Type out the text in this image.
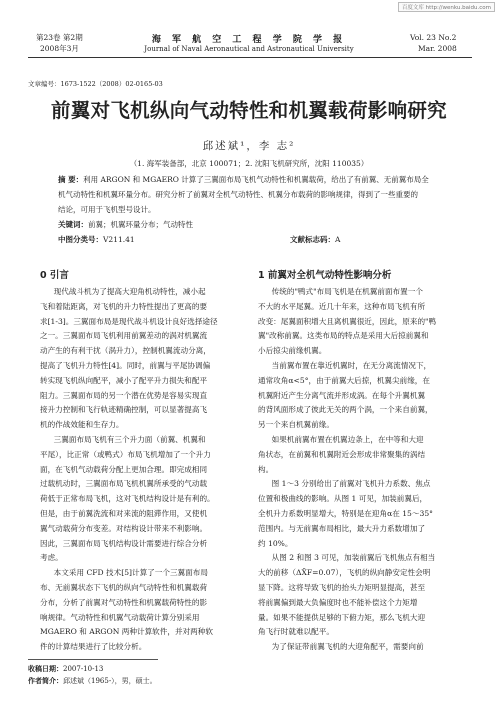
百度文库 http://wenku.baidu.com
第23卷 第2期
2008年3月
海 军 航 空 工 程 学 院 学 报
Journal of Naval Aeronautical and Astronautical University
Vol. 23 No.2
Mar. 2008
文章编号：1673-1522（2008）02-0165-03
前翼对飞机纵向气动特性和机翼载荷影响研究
邱述斌¹，李 志²
（1. 海军装备部，北京 100071；2. 沈阳飞机研究所，沈阳 110035）
摘 要：利用 ARGON 和 MGAERO 计算了三翼面布局飞机气动特性和机翼载荷，给出了有前翼、无前翼布局全
机气动特性和机翼环量分布。研究分析了前翼对全机气动特性、机翼分布载荷的影响规律，得到了一些重要的
结论，可用于飞机型号设计。
关键词：前翼；机翼环量分布；气动特性
中图分类号：V211.41	文献标志码：A
0 引言	1 前翼对全机气动特性影响分析
现代战斗机为了提高大迎角机动特性，减小起
飞和着陆距离，对飞机的升力特性提出了更高的要
求[1-3]。三翼面布局是现代战斗机设计良好选择途径
之一。三翼面布局飞机利用前翼差动的涡对机翼流
动产生的有利干扰（涡升力），控制机翼流动分离，
提高了飞机升力特性[4]。同时，前翼与平尾协调偏
转实现飞机纵向配平，减小了配平升力损失和配平
阻力。三翼面布局的另一个潜在优势是容易实现直
接升力控制和飞行轨迹精确控制，可以显著提高飞
机的作战效能和生存力。
三翼面布局飞机有三个升力面（前翼、机翼和
平尾），比正常（或鸭式）布局飞机增加了一个升力
面，在飞机气动载荷分配上更加合理。即完成相同
过载机动时，三翼面布局飞机机翼所承受的气动载
荷低于正常布局飞机，这对飞机结构设计是有利的。
但是，由于前翼洗流和对来流的阻滞作用，又使机
翼气动载荷分布变差。对结构设计带来不利影响。
因此，三翼面布局飞机结构设计需要进行综合分析
考虑。
本文采用 CFD 技术[5]计算了一个三翼面布局
布、无前翼状态下飞机的纵向气动特性和机翼载荷
分布，分析了前翼对气动特性和机翼载荷特性的影
响规律。气动特性和机翼气动载荷计算分别采用
MGAERO 和 ARGON 两种计算软件，并对两种软
件的计算结果进行了比较分析。
传统的"鸭式"布局飞机是在机翼前面布置一个
不大的水平尾翼。近几十年来，这种布局飞机有所
改变：尾翼面积增大且离机翼很近，因此，原来的"鸭
翼"改称前翼。这类布局的特点是采用大后掠前翼和
小后掠尖前缘机翼。
当前翼布置在靠近机翼时，在无分离流情况下，
通常攻角α<5°，由于前翼大后掠，机翼尖前缘，在
机翼附近产生分离气流并形成涡。在每个升翼机翼
的背风面形成了彼此无关的两个涡，一个来自前翼，
另一个来自机翼前缘。
如果机前翼布置在机翼边条上，在中等和大迎
角状态，在前翼和机翼附近会形成非常聚集的涡结
构。
图 1～3 分别给出了前翼对飞机升力系数、焦点
位置和极曲线的影响。从图 1 可见，加装前翼后，
全机升力系数明显增大，特别是在迎角α在 15～35°
范围内。与无前翼布局相比，最大升力系数增加了
约 10%。
从图 2 和图 3 可见，加装前翼后飞机焦点有相当
大的前移（ΔX̄F=0.07），飞机的纵向静安定性会明
显下降。这将导致飞机的抬头力矩明显提高，甚至
将前翼偏到最大负偏度时也不能补偿这个力矩增
量。如果不能提供足够的下俯力矩，那么飞机大迎
角飞行时就难以配平。
为了保证带前翼飞机的大迎角配平，需要向前
收稿日期：2007-10-13
作者简介：邱述斌（1965-），男，硕士。
